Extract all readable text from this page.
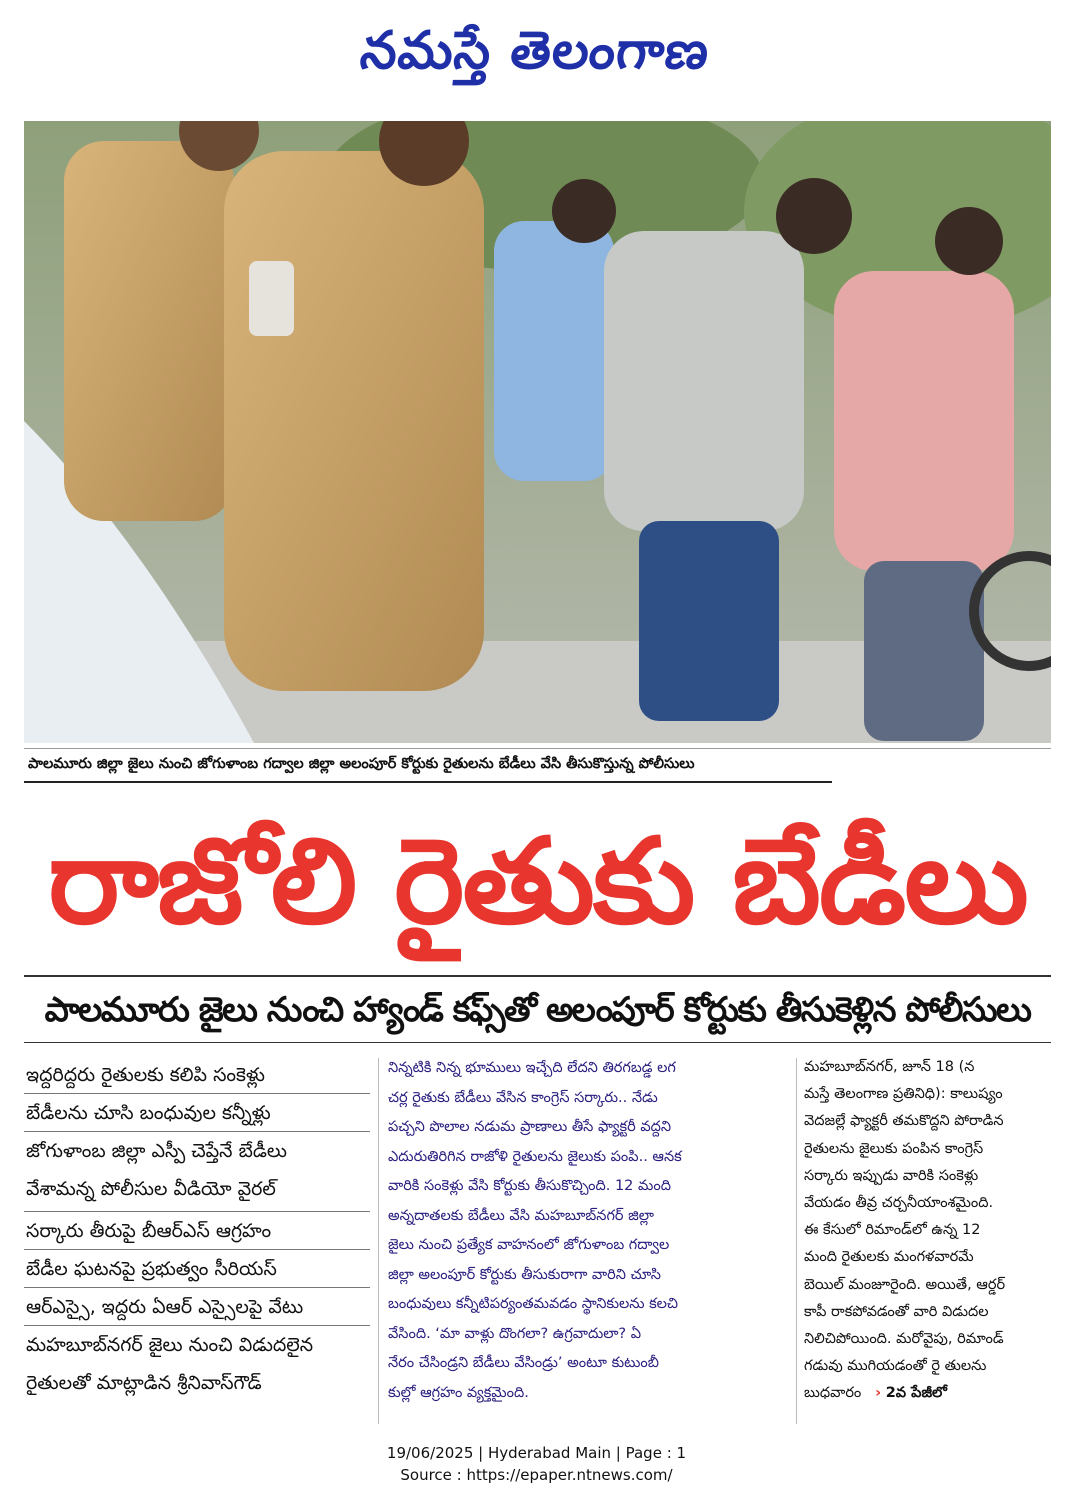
నమస్తే తెలంగాణ
పాలమూరు జిల్లా జైలు నుంచి జోగుళాంబ గద్వాల జిల్లా అలంపూర్ కోర్టుకు రైతులను బేడీలు వేసి తీసుకొస్తున్న పోలీసులు
రాజోలి రైతుకు బేడీలు
పాలమూరు జైలు నుంచి హ్యాండ్ కఫ్స్‌తో అలంపూర్ కోర్టుకు తీసుకెళ్లిన పోలీసులు
ఇద్దరిద్దరు రైతులకు కలిపి సంకెళ్లు
బేడీలను చూసి బంధువుల కన్నీళ్లు
జోగుళాంబ జిల్లా ఎస్పీ చెప్తేనే బేడీలు
వేశామన్న పోలీసుల వీడియో వైరల్
సర్కారు తీరుపై బీఆర్‌ఎస్ ఆగ్రహం
బేడీల ఘటనపై ప్రభుత్వం సీరియస్
ఆర్‌ఎస్సై, ఇద్దరు ఏఆర్ ఎస్సైలపై వేటు
మహబూబ్‌నగర్ జైలు నుంచి విడుదలైన
రైతులతో మాట్లాడిన శ్రీనివాస్‌గౌడ్
నిన్నటికి నిన్న భూములు ఇచ్చేది లేదని తిరగబడ్డ లగ
చర్ల రైతుకు బేడీలు వేసిన కాంగ్రెస్ సర్కారు.. నేడు
పచ్చని పొలాల నడుమ ప్రాణాలు తీసే ఫ్యాక్టరీ వద్దని
ఎదురుతిరిగిన రాజోళి రైతులను జైలుకు పంపి.. ఆనక
వారికి సంకెళ్లు వేసి కోర్టుకు తీసుకొచ్చింది. 12 మంది
అన్నదాతలకు బేడీలు వేసి మహబూబ్‌నగర్ జిల్లా
జైలు నుంచి ప్రత్యేక వాహనంలో జోగుళాంబ గద్వాల
జిల్లా అలంపూర్ కోర్టుకు తీసుకురాగా వారిని చూసి
బంధువులు కన్నీటిపర్యంతమవడం స్థానికులను కలచి
వేసింది. ‘మా వాళ్లు దొంగలా? ఉగ్రవాదులా? ఏ
నేరం చేసిండ్రని బేడీలు వేసిండ్రు’ అంటూ కుటుంబీ
కుల్లో ఆగ్రహం వ్యక్తమైంది.
మహబూబ్‌నగర్, జూన్ 18 (న
మస్తే తెలంగాణ ప్రతినిధి): కాలుష్యం
వెదజల్లే ఫ్యాక్టరీ తమకొద్దని పోరాడిన
రైతులను జైలుకు పంపిన కాంగ్రెస్
సర్కారు ఇప్పుడు వారికి సంకెళ్లు
వేయడం తీవ్ర చర్చనీయాంశమైంది.
ఈ కేసులో రిమాండ్‌లో ఉన్న 12
మంది రైతులకు మంగళవారమే
బెయిల్ మంజూరైంది. అయితే, ఆర్డర్
కాపీ రాకపోవడంతో వారి విడుదల
నిలిచిపోయింది. మరోవైపు, రిమాండ్
గడువు ముగియడంతో రై తులను
బుధవారం › 2వ పేజీలో
19/06/2025 | Hyderabad Main | Page : 1
Source : https://epaper.ntnews.com/
